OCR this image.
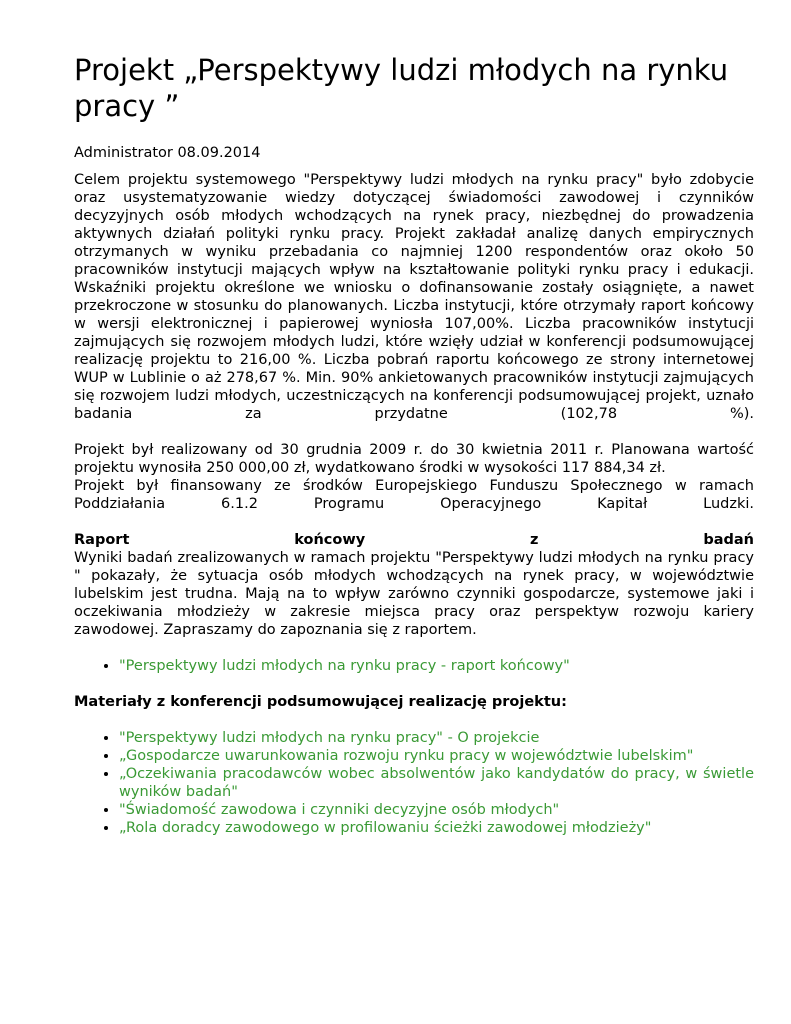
Projekt „Perspektywy ludzi młodych na rynku pracy ”
Administrator 08.09.2014

Celem projektu systemowego "Perspektywy ludzi młodych na rynku pracy" było zdobycie oraz usystematyzowanie wiedzy dotyczącej świadomości zawodowej i czynników decyzyjnych osób młodych wchodzących na rynek pracy, niezbędnej do prowadzenia aktywnych działań polityki rynku pracy. Projekt zakładał analizę danych empirycznych otrzymanych w wyniku przebadania co najmniej 1200 respondentów oraz około 50 pracowników instytucji mających wpływ na kształtowanie polityki rynku pracy i edukacji. Wskaźniki projektu określone we wniosku o dofinansowanie zostały osiągnięte, a nawet przekroczone w stosunku do planowanych. Liczba instytucji, które otrzymały raport końcowy w wersji elektronicznej i papierowej wyniosła 107,00%. Liczba pracowników instytucji zajmujących się rozwojem młodych ludzi, które wzięły udział w konferencji podsumowującej realizację projektu to 216,00 %. Liczba pobrań raportu końcowego ze strony internetowej WUP w Lublinie o aż 278,67 %. Min. 90% ankietowanych pracowników instytucji zajmujących się rozwojem ludzi młodych, uczestniczących na konferencji podsumowującej projekt, uznało badania za przydatne (102,78 %).

Projekt był realizowany od 30 grudnia 2009 r. do 30 kwietnia 2011 r. Planowana wartość projektu wynosiła 250 000,00 zł, wydatkowano środki w wysokości 117 884,34 zł.

Projekt był finansowany ze środków Europejskiego Funduszu Społecznego w ramach Poddziałania 6.1.2 Programu Operacyjnego Kapitał Ludzki.

Raport końcowy z badań

Wyniki badań zrealizowanych w ramach projektu "Perspektywy ludzi młodych na rynku pracy " pokazały, że sytuacja osób młodych wchodzących na rynek pracy, w województwie lubelskim jest trudna. Mają na to wpływ zarówno czynniki gospodarcze, systemowe jaki i oczekiwania młodzieży w zakresie miejsca pracy oraz perspektyw rozwoju kariery zawodowej. Zapraszamy do zapoznania się z raportem.

• "Perspektywy ludzi młodych na rynku pracy - raport końcowy"

Materiały z konferencji podsumowującej realizację projektu:

• "Perspektywy ludzi młodych na rynku pracy" - O projekcie
• „Gospodarcze uwarunkowania rozwoju rynku pracy w województwie lubelskim"
• „Oczekiwania pracodawców wobec absolwentów jako kandydatów do pracy, w świetle wyników badań"
• "Świadomość zawodowa i czynniki decyzyjne osób młodych"
• „Rola doradcy zawodowego w profilowaniu ścieżki zawodowej młodzieży"
